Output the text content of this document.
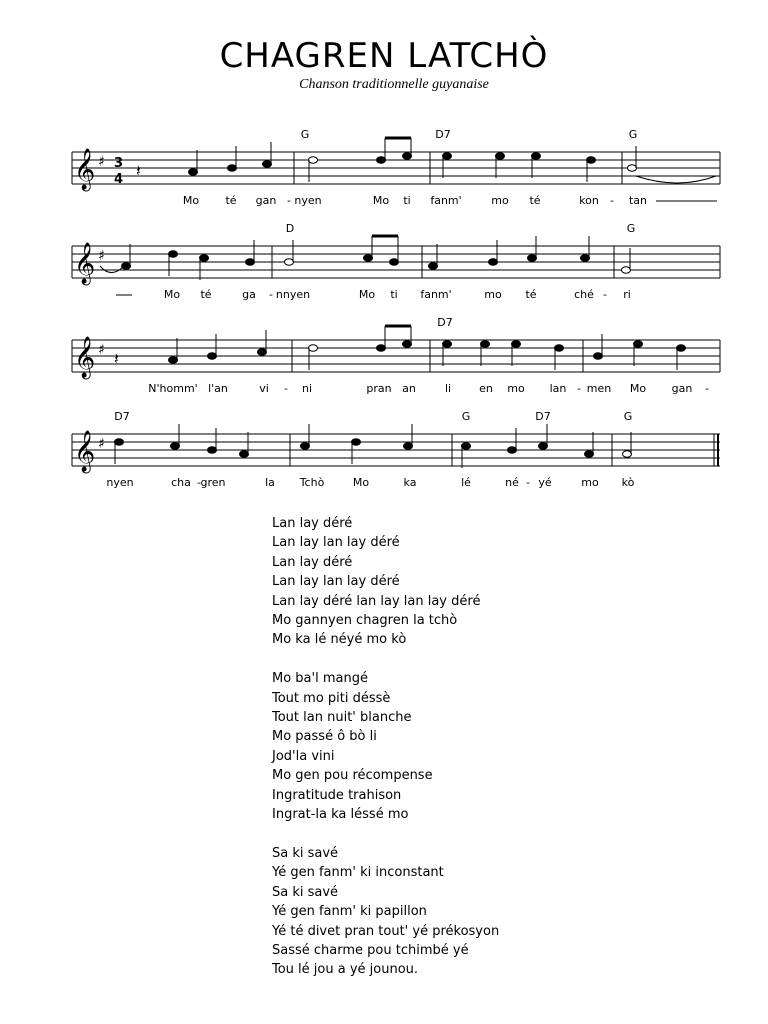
CHAGREN LATCHÒ
Chanson traditionnelle guyanaise
𝄞 ♯ 3
4 𝄽
G	D7	G
Mo té gan - nyen	Mo ti fanm'	mo té	kon - tan
𝄞 ♯
D	G
Mo té	ga - nnyen	Mo ti fanm'	mo té	ché - ri
𝄞 ♯ 𝄽
D7
N'homm' l'an	vi - ni	pran an	li	en mo lan - men Mo gan -
𝄞 ♯
D7	G	D7	G
nyen	cha - gren	la Tchò	Mo	ka	lé	né - yé	mo kò
Lan lay déré
Lan lay lan lay déré
Lan lay déré
Lan lay lan lay déré
Lan lay déré lan lay lan lay déré
Mo gannyen chagren la tchò
Mo ka lé néyé mo kò
Mo ba'l mangé
Tout mo piti déssè
Tout lan nuit' blanche
Mo passé ô bò li
Jod'la vini
Mo gen pou récompense
Ingratitude trahison
Ingrat-la ka léssé mo
Sa ki savé
Yé gen fanm' ki inconstant
Sa ki savé
Yé gen fanm' ki papillon
Yé té divet pran tout' yé prékosyon
Sassé charme pou tchimbé yé
Tou lé jou a yé jounou.
